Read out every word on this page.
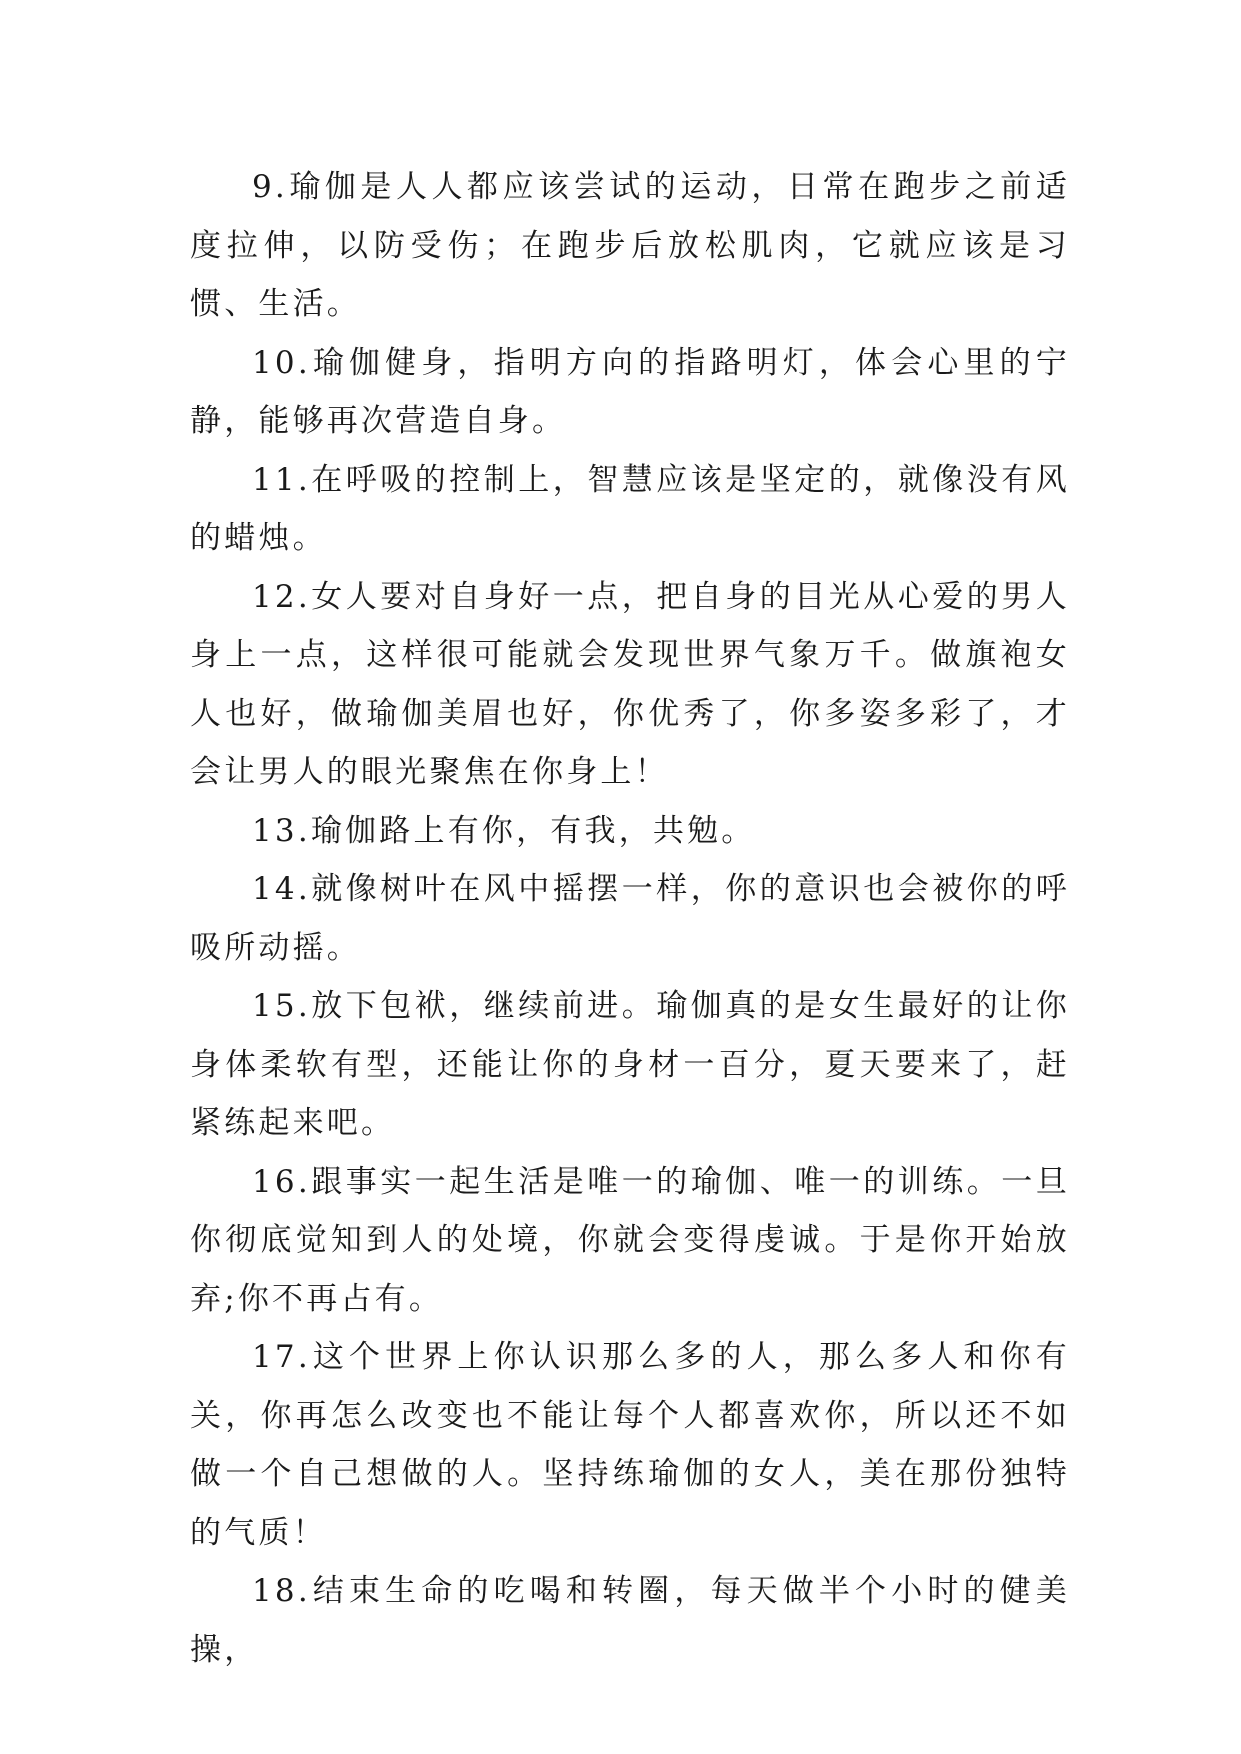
9.瑜伽是人人都应该尝试的运动，日常在跑步之前适度拉伸，以防受伤；在跑步后放松肌肉，它就应该是习惯、生活。

10.瑜伽健身，指明方向的指路明灯，体会心里的宁静，能够再次营造自身。

11.在呼吸的控制上，智慧应该是坚定的，就像没有风的蜡烛。

12.女人要对自身好一点，把自身的目光从心爱的男人身上一点，这样很可能就会发现世界气象万千。做旗袍女人也好，做瑜伽美眉也好，你优秀了，你多姿多彩了，才会让男人的眼光聚焦在你身上！

13.瑜伽路上有你，有我，共勉。

14.就像树叶在风中摇摆一样，你的意识也会被你的呼吸所动摇。

15.放下包袱，继续前进。瑜伽真的是女生最好的让你身体柔软有型，还能让你的身材一百分，夏天要来了，赶紧练起来吧。

16.跟事实一起生活是唯一的瑜伽、唯一的训练。一旦你彻底觉知到人的处境，你就会变得虔诚。于是你开始放弃;你不再占有。

17.这个世界上你认识那么多的人，那么多人和你有关，你再怎么改变也不能让每个人都喜欢你，所以还不如做一个自己想做的人。坚持练瑜伽的女人，美在那份独特的气质！

18.结束生命的吃喝和转圈，每天做半个小时的健美操，
